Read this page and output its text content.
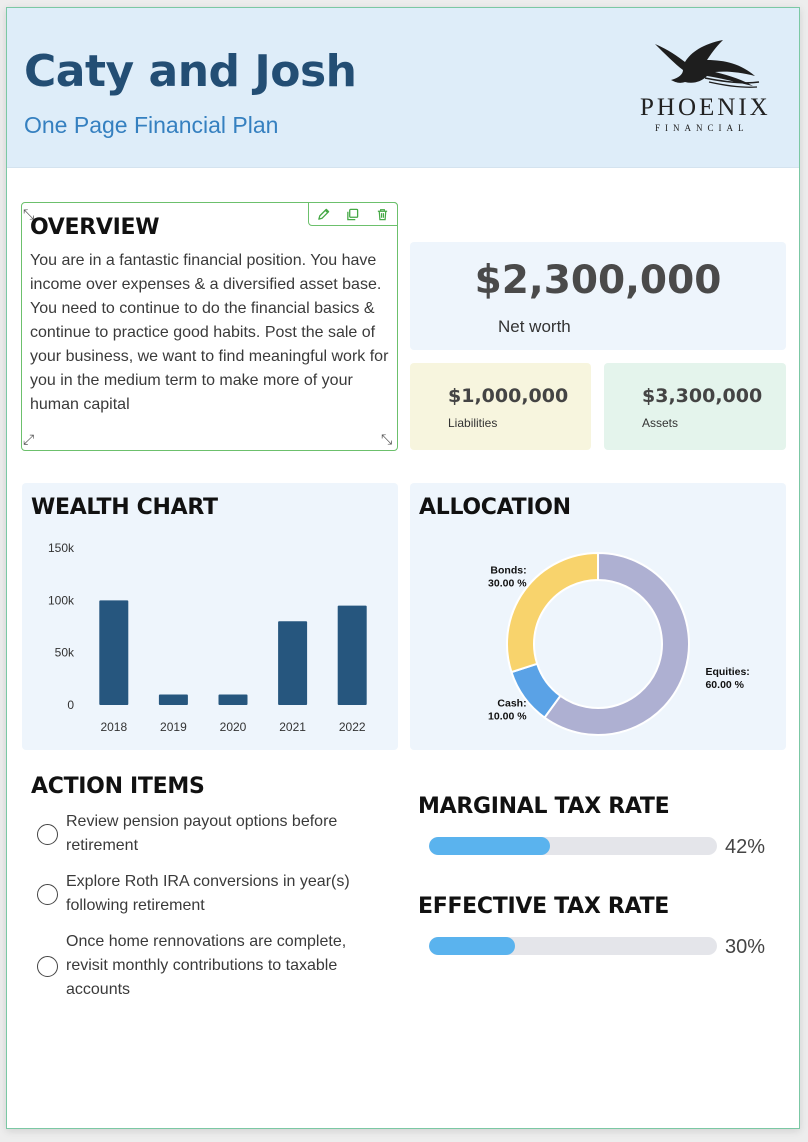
Caty and Josh
One Page Financial Plan
PHOENIX
FINANCIAL
OVERVIEW
You are in a fantastic financial position. You have income over expenses & a diversified asset base. You need to continue to do the financial basics & continue to practice good habits. Post the sale of your business, we want to find meaningful work for you in the medium term to make more of your human capital
⤡
⤢	⤡
$2,300,000
Net worth
$1,000,000
Liabilities
$3,300,000
Assets
WEALTH CHART
0
50k
100k
150k
2018	2019	2020	2021	2022
ALLOCATION
Equities:
60.00 %
Cash:
10.00 %
Bonds:
30.00 %
ACTION ITEMS
Review pension payout options before retirement
Explore Roth IRA conversions in year(s) following retirement
Once home rennovations are complete, revisit monthly contributions to taxable accounts
MARGINAL TAX RATE
42%
EFFECTIVE TAX RATE
30%
